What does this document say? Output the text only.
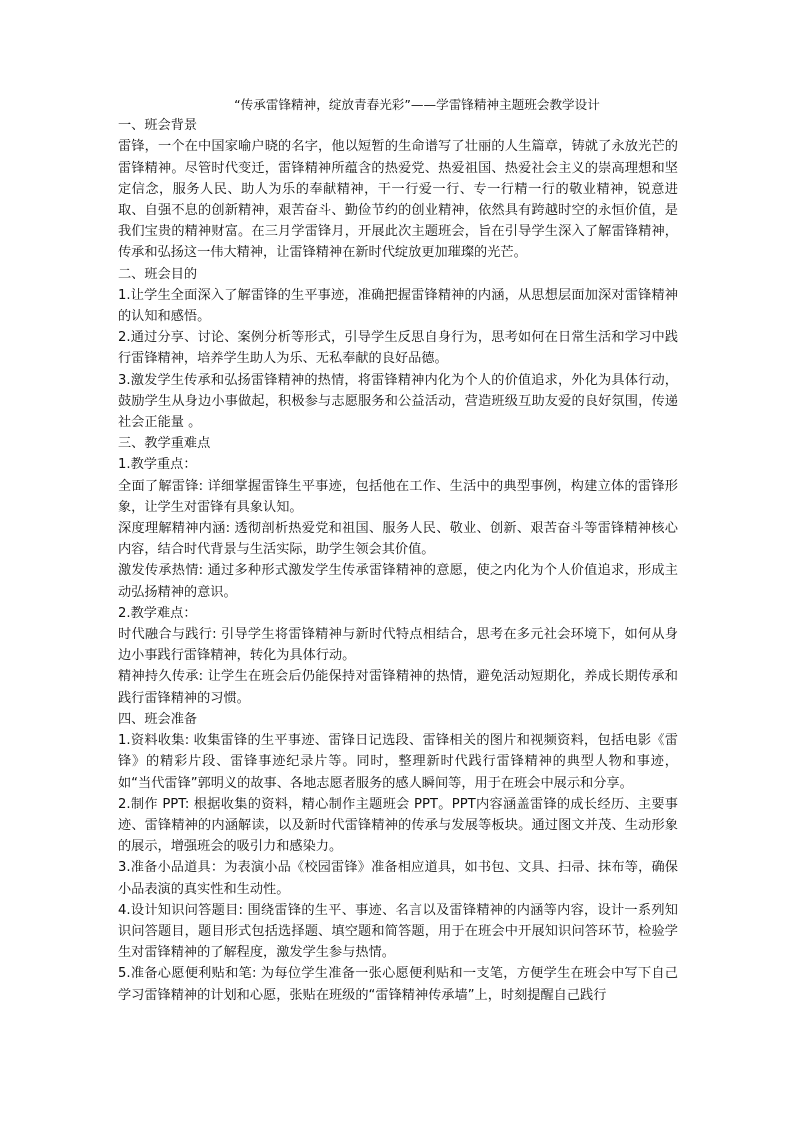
“传承雷锋精神，绽放青春光彩”——学雷锋精神主题班会教学设计

一、班会背景

雷锋，一个在中国家喻户晓的名字，他以短暂的生命谱写了壮丽的人生篇章，铸就了永放光芒的雷锋精神。尽管时代变迁，雷锋精神所蕴含的热爱党、热爱祖国、热爱社会主义的崇高理想和坚定信念，服务人民、助人为乐的奉献精神，干一行爱一行、专一行精一行的敬业精神，锐意进取、自强不息的创新精神，艰苦奋斗、勤俭节约的创业精神，依然具有跨越时空的永恒价值，是我们宝贵的精神财富。在三月学雷锋月，开展此次主题班会，旨在引导学生深入了解雷锋精神，传承和弘扬这一伟大精神，让雷锋精神在新时代绽放更加璀璨的光芒。

二、班会目的

1.让学生全面深入了解雷锋的生平事迹，准确把握雷锋精神的内涵，从思想层面加深对雷锋精神的认知和感悟。

2.通过分享、讨论、案例分析等形式，引导学生反思自身行为，思考如何在日常生活和学习中践行雷锋精神，培养学生助人为乐、无私奉献的良好品德。

3.激发学生传承和弘扬雷锋精神的热情，将雷锋精神内化为个人的价值追求，外化为具体行动，鼓励学生从身边小事做起，积极参与志愿服务和公益活动，营造班级互助友爱的良好氛围，传递社会正能量 。

三、教学重难点

1.教学重点：

全面了解雷锋: 详细掌握雷锋生平事迹，包括他在工作、生活中的典型事例，构建立体的雷锋形象，让学生对雷锋有具象认知。

深度理解精神内涵: 透彻剖析热爱党和祖国、服务人民、敬业、创新、艰苦奋斗等雷锋精神核心内容，结合时代背景与生活实际，助学生领会其价值。

激发传承热情: 通过多种形式激发学生传承雷锋精神的意愿，使之内化为个人价值追求，形成主动弘扬精神的意识。

2.教学难点：

时代融合与践行: 引导学生将雷锋精神与新时代特点相结合，思考在多元社会环境下，如何从身边小事践行雷锋精神，转化为具体行动。

精神持久传承: 让学生在班会后仍能保持对雷锋精神的热情，避免活动短期化，养成长期传承和践行雷锋精神的习惯。

四、班会准备

1.资料收集: 收集雷锋的生平事迹、雷锋日记选段、雷锋相关的图片和视频资料，包括电影《雷锋》的精彩片段、雷锋事迹纪录片等。同时，整理新时代践行雷锋精神的典型人物和事迹，如“当代雷锋”郭明义的故事、各地志愿者服务的感人瞬间等，用于在班会中展示和分享。

2.制作 PPT: 根据收集的资料，精心制作主题班会 PPT。PPT内容涵盖雷锋的成长经历、主要事迹、雷锋精神的内涵解读，以及新时代雷锋精神的传承与发展等板块。通过图文并茂、生动形象的展示，增强班会的吸引力和感染力。

3.准备小品道具：为表演小品《校园雷锋》准备相应道具，如书包、文具、扫帚、抹布等，确保小品表演的真实性和生动性。

4.设计知识问答题目: 围绕雷锋的生平、事迹、名言以及雷锋精神的内涵等内容，设计一系列知识问答题目，题目形式包括选择题、填空题和简答题，用于在班会中开展知识问答环节，检验学生对雷锋精神的了解程度，激发学生参与热情。

5.准备心愿便利贴和笔: 为每位学生准备一张心愿便利贴和一支笔，方便学生在班会中写下自己学习雷锋精神的计划和心愿，张贴在班级的“雷锋精神传承墙”上，时刻提醒自己践行
